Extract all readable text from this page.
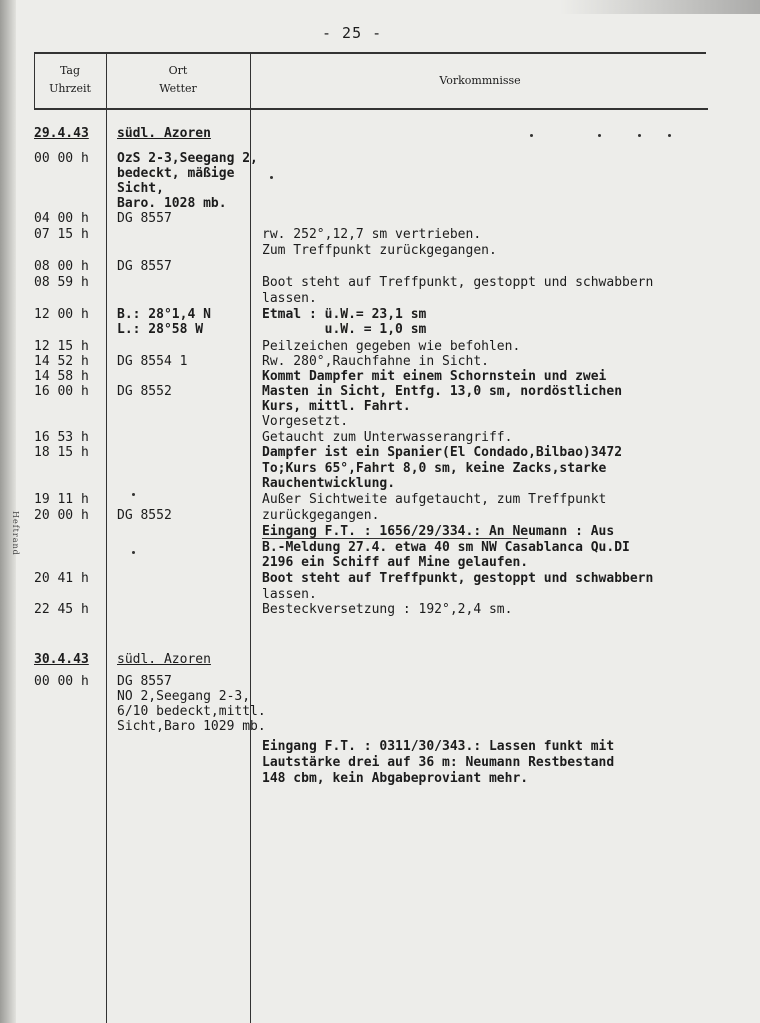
- 25 -
Tag
Uhrzeit
Ort
Wetter
Vorkommnisse
Heftrand
29.4.43 südl. Azoren
00 00 h
04 00 h
07 15 h
08 00 h
08 59 h
12 00 h
12 15 h
14 52 h
14 58 h
16 00 h
16 53 h
18 15 h
19 11 h
20 00 h
20 41 h
22 45 h
OzS 2-3,Seegang 2,
bedeckt, mäßige
Sicht,
Baro. 1028 mb.
DG 8557
DG 8557
B.: 28°1,4 N
L.: 28°58 W
DG 8554 1
DG 8552
DG 8552
rw. 252°,12,7 sm vertrieben.
Zum Treffpunkt zurückgegangen.
Boot steht auf Treffpunkt, gestoppt und schwabbern
lassen.
Etmal : ü.W.= 23,1 sm
u.W. = 1,0 sm
Peilzeichen gegeben wie befohlen.
Rw. 280°,Rauchfahne in Sicht.
Kommt Dampfer mit einem Schornstein und zwei
Masten in Sicht, Entfg. 13,0 sm, nordöstlichen
Kurs, mittl. Fahrt.
Vorgesetzt.
Getaucht zum Unterwasserangriff.
Dampfer ist ein Spanier(El Condado,Bilbao)3472
To;Kurs 65°,Fahrt 8,0 sm, keine Zacks,starke
Rauchentwicklung.
Außer Sichtweite aufgetaucht, zum Treffpunkt
zurückgegangen.
Eingang F.T. : 1656/29/334.: An Neumann : Aus
B.-Meldung 27.4. etwa 40 sm NW Casablanca Qu.DI
2196 ein Schiff auf Mine gelaufen.
Boot steht auf Treffpunkt, gestoppt und schwabbern
lassen.
Besteckversetzung : 192°,2,4 sm.
30.4.43 südl. Azoren
00 00 h DG 8557
NO 2,Seegang 2-3,
6/10 bedeckt,mittl.
Sicht,Baro 1029 mb.
Eingang F.T. : 0311/30/343.: Lassen funkt mit
Lautstärke drei auf 36 m: Neumann Restbestand
148 cbm, kein Abgabeproviant mehr.
